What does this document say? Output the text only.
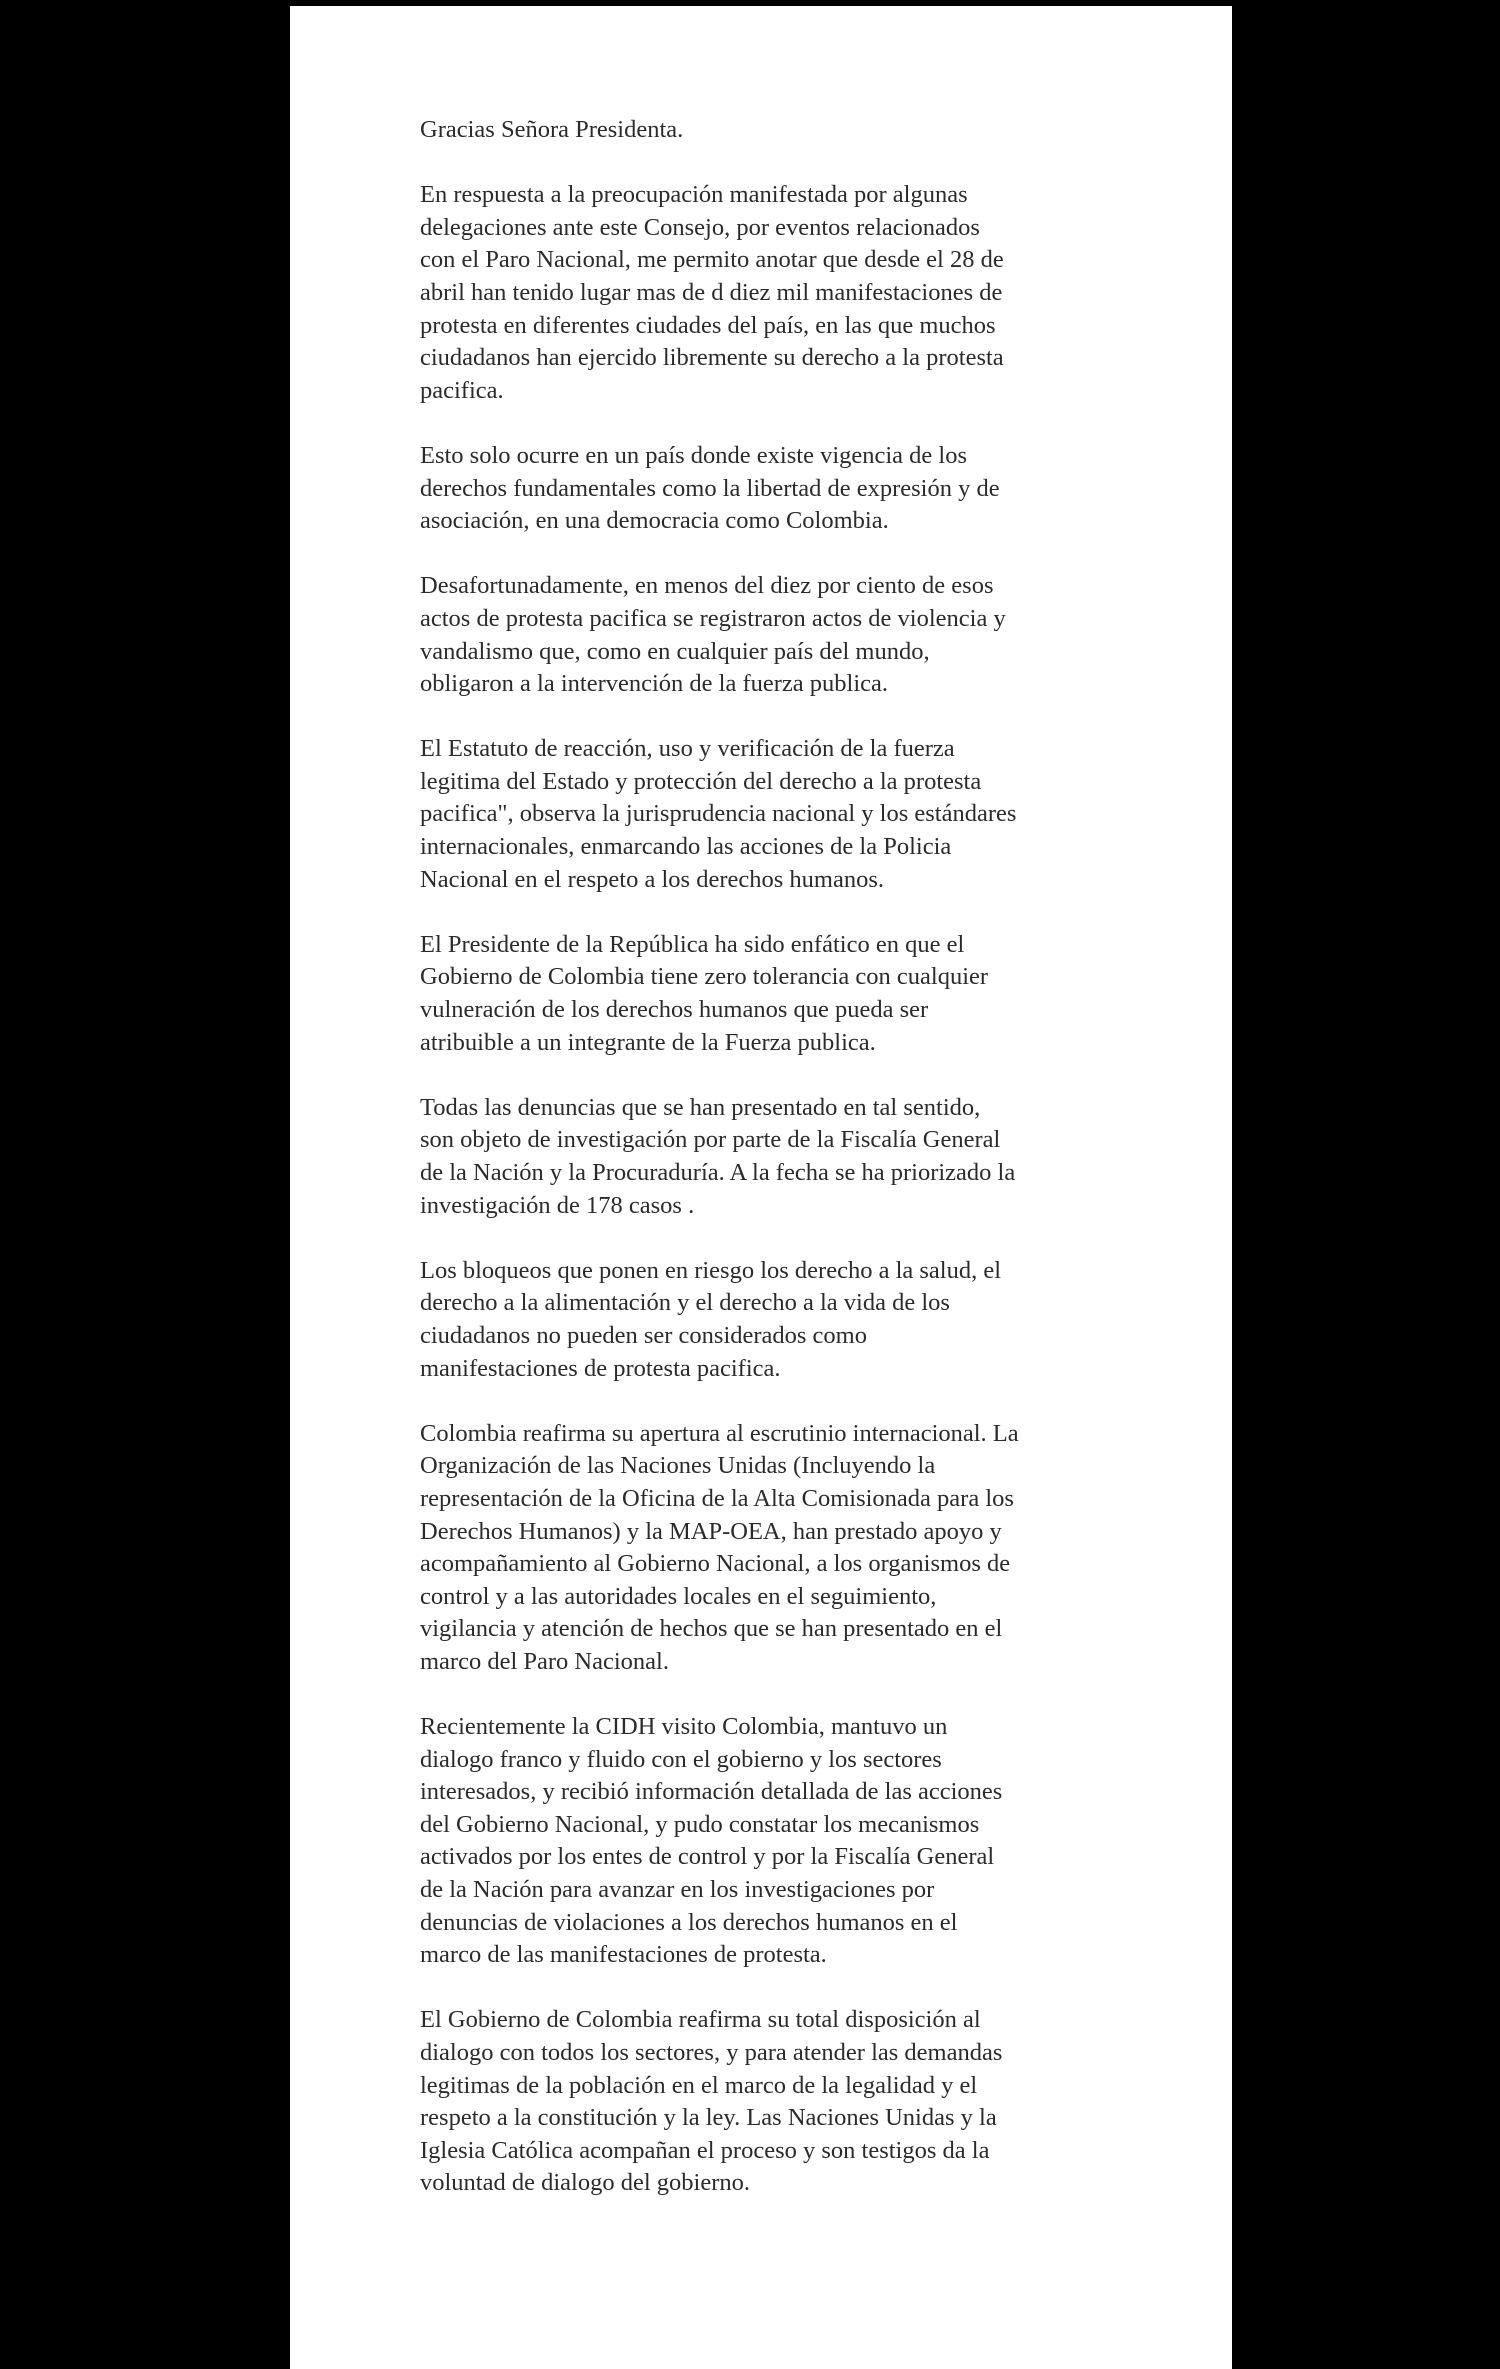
Gracias Señora Presidenta.

En respuesta a la preocupación manifestada por algunas
delegaciones ante este Consejo, por eventos relacionados
con el Paro Nacional, me permito anotar que desde el 28 de
abril han tenido lugar mas de d diez mil manifestaciones de
protesta en diferentes ciudades del país, en las que muchos
ciudadanos han ejercido libremente su derecho a la protesta
pacifica.

Esto solo ocurre en un país donde existe vigencia de los
derechos fundamentales como la libertad de expresión y de
asociación, en una democracia como Colombia.

Desafortunadamente, en menos del diez por ciento de esos
actos de protesta pacifica se registraron actos de violencia y
vandalismo que, como en cualquier país del mundo,
obligaron a la intervención de la fuerza publica.

El Estatuto de reacción, uso y verificación de la fuerza
legitima del Estado y protección del derecho a la protesta
pacifica", observa la jurisprudencia nacional y los estándares
internacionales, enmarcando las acciones de la Policia
Nacional en el respeto a los derechos humanos.

El Presidente de la República ha sido enfático en que el
Gobierno de Colombia tiene zero tolerancia con cualquier
vulneración de los derechos humanos que pueda ser
atribuible a un integrante de la Fuerza publica.

Todas las denuncias que se han presentado en tal sentido,
son objeto de investigación por parte de la Fiscalía General
de la Nación y la Procuraduría. A la fecha se ha priorizado la
investigación de 178 casos .

Los bloqueos que ponen en riesgo los derecho a la salud, el
derecho a la alimentación y el derecho a la vida de los
ciudadanos no pueden ser considerados como
manifestaciones de protesta pacifica.

Colombia reafirma su apertura al escrutinio internacional. La
Organización de las Naciones Unidas (Incluyendo la
representación de la Oficina de la Alta Comisionada para los
Derechos Humanos) y la MAP-OEA, han prestado apoyo y
acompañamiento al Gobierno Nacional, a los organismos de
control y a las autoridades locales en el seguimiento,
vigilancia y atención de hechos que se han presentado en el
marco del Paro Nacional.

Recientemente la CIDH visito Colombia, mantuvo un
dialogo franco y fluido con el gobierno y los sectores
interesados, y recibió información detallada de las acciones
del Gobierno Nacional, y pudo constatar los mecanismos
activados por los entes de control y por la Fiscalía General
de la Nación para avanzar en los investigaciones por
denuncias de violaciones a los derechos humanos en el
marco de las manifestaciones de protesta.

El Gobierno de Colombia reafirma su total disposición al
dialogo con todos los sectores, y para atender las demandas
legitimas de la población en el marco de la legalidad y el
respeto a la constitución y la ley. Las Naciones Unidas y la
Iglesia Católica acompañan el proceso y son testigos da la
voluntad de dialogo del gobierno.
